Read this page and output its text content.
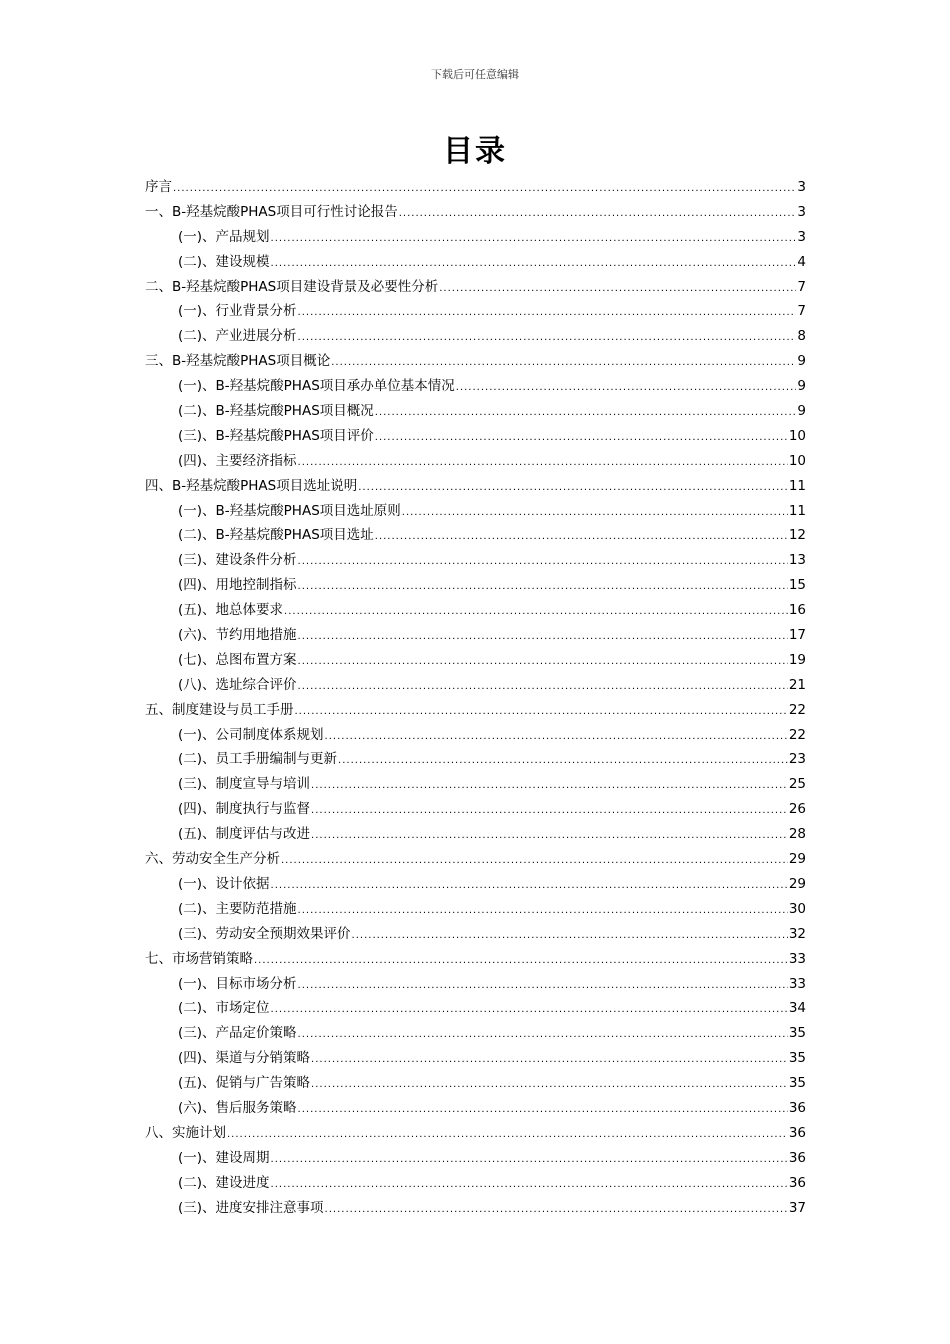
下载后可任意编辑
目录
序言 .....	3
一、B-羟基烷酸PHAS项目可行性讨论报告 .....	3
(一)、产品规划 .....	3
(二)、建设规模 .....	4
二、B-羟基烷酸PHAS项目建设背景及必要性分析 .....	7
(一)、行业背景分析 .....	7
(二)、产业进展分析 .....	8
三、B-羟基烷酸PHAS项目概论 .....	9
(一)、B-羟基烷酸PHAS项目承办单位基本情况 .....	9
(二)、B-羟基烷酸PHAS项目概况 .....	9
(三)、B-羟基烷酸PHAS项目评价 .....	10
(四)、主要经济指标 .....	10
四、B-羟基烷酸PHAS项目选址说明 .....	11
(一)、B-羟基烷酸PHAS项目选址原则 .....	11
(二)、B-羟基烷酸PHAS项目选址 .....	12
(三)、建设条件分析 .....	13
(四)、用地控制指标 .....	15
(五)、地总体要求 .....	16
(六)、节约用地措施 .....	17
(七)、总图布置方案 .....	19
(八)、选址综合评价 .....	21
五、制度建设与员工手册 .....	22
(一)、公司制度体系规划 .....	22
(二)、员工手册编制与更新 .....	23
(三)、制度宣导与培训 .....	25
(四)、制度执行与监督 .....	26
(五)、制度评估与改进 .....	28
六、劳动安全生产分析 .....	29
(一)、设计依据 .....	29
(二)、主要防范措施 .....	30
(三)、劳动安全预期效果评价 .....	32
七、市场营销策略 .....	33
(一)、目标市场分析 .....	33
(二)、市场定位 .....	34
(三)、产品定价策略 .....	35
(四)、渠道与分销策略 .....	35
(五)、促销与广告策略 .....	35
(六)、售后服务策略 .....	36
八、实施计划 .....	36
(一)、建设周期 .....	36
(二)、建设进度 .....	36
(三)、进度安排注意事项 .....	37
